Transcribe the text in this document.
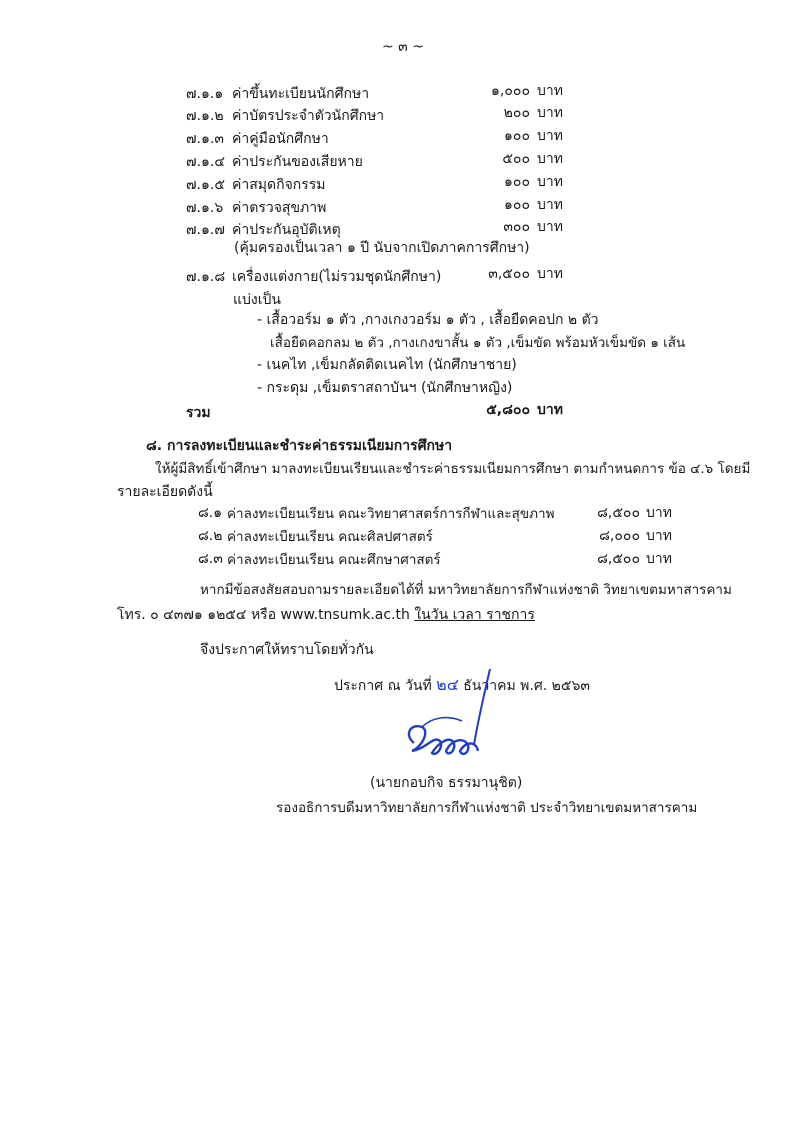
~ ๓ ~
๗.๑.๑ ค่าขึ้นทะเบียนนักศึกษา	๑,๐๐๐ บาท
๗.๑.๒ ค่าบัตรประจำตัวนักศึกษา	๒๐๐ บาท
๗.๑.๓ ค่าคู่มือนักศึกษา	๑๐๐ บาท
๗.๑.๔ ค่าประกันของเสียหาย	๕๐๐ บาท
๗.๑.๕ ค่าสมุดกิจกรรม	๑๐๐ บาท
๗.๑.๖ ค่าตรวจสุขภาพ	๑๐๐ บาท
๗.๑.๗ ค่าประกันอุบัติเหตุ	๓๐๐ บาท
๗.๑.๘ เครื่องแต่งกาย(ไม่รวมชุดนักศึกษา)	๓,๕๐๐ บาท
(คุ้มครองเป็นเวลา ๑ ปี นับจากเปิดภาคการศึกษา)
แบ่งเป็น
- เสื้อวอร์ม ๑ ตัว ,กางเกงวอร์ม ๑ ตัว , เสื้อยืดคอปก ๒ ตัว
เสื้อยืดคอกลม ๒ ตัว ,กางเกงขาสั้น ๑ ตัว ,เข็มขัด พร้อมหัวเข็มขัด ๑ เส้น
- เนคไท ,เข็มกลัดติดเนคไท (นักศึกษาชาย)
- กระดุม ,เข็มตราสถาบันฯ (นักศึกษาหญิง)
รวม	๕,๘๐๐ บาท
๘. การลงทะเบียนและชำระค่าธรรมเนียมการศึกษา
ให้ผู้มีสิทธิ์เข้าศึกษา มาลงทะเบียนเรียนและชำระค่าธรรมเนียมการศึกษา ตามกำหนดการ ข้อ ๔.๖ โดยมี
รายละเอียดดังนี้
๘.๑ ค่าลงทะเบียนเรียน คณะวิทยาศาสตร์การกีฬาและสุขภาพ	๘,๕๐๐ บาท
๘.๒ ค่าลงทะเบียนเรียน คณะศิลปศาสตร์	๘,๐๐๐ บาท
๘.๓ ค่าลงทะเบียนเรียน คณะศึกษาศาสตร์	๘,๕๐๐ บาท
หากมีข้อสงสัยสอบถามรายละเอียดได้ที่ มหาวิทยาลัยการกีฬาแห่งชาติ วิทยาเขตมหาสารคาม
โทร. ๐ ๔๓๗๑ ๑๒๕๔ หรือ www.tnsumk.ac.th ในวัน เวลา ราชการ
จึงประกาศให้ทราบโดยทั่วกัน
ประกาศ ณ วันที่ ๒๔ ธันวาคม พ.ศ. ๒๕๖๓
(นายกอบกิจ ธรรมานุชิต)
รองอธิการบดีมหาวิทยาลัยการกีฬาแห่งชาติ ประจำวิทยาเขตมหาสารคาม
